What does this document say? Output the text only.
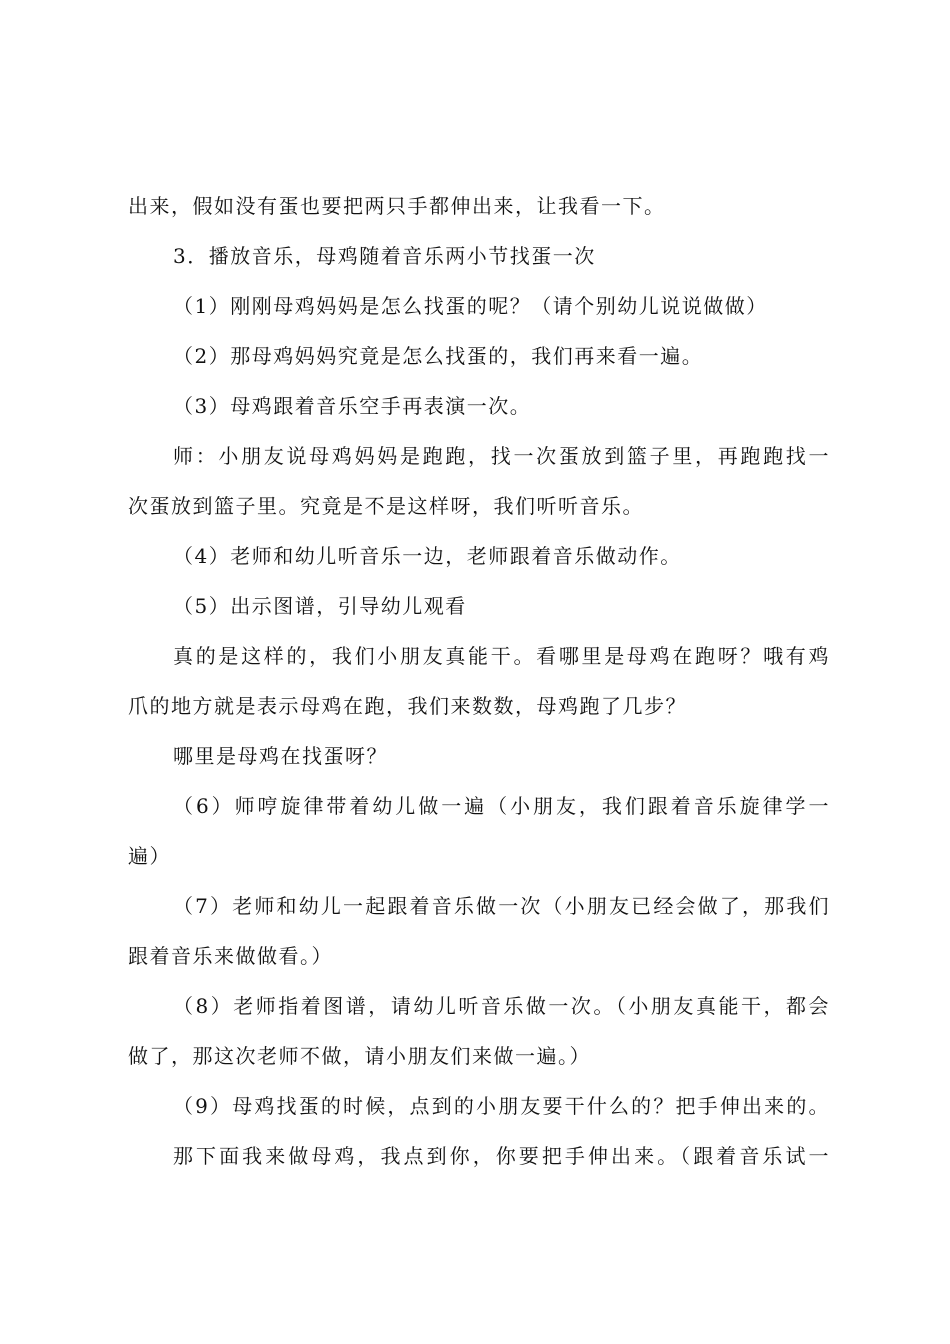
出来，假如没有蛋也要把两只手都伸出来，让我看一下。
3．播放音乐，母鸡随着音乐两小节找蛋一次
（1）刚刚母鸡妈妈是怎么找蛋的呢？（请个别幼儿说说做做）
（2）那母鸡妈妈究竟是怎么找蛋的，我们再来看一遍。
（3）母鸡跟着音乐空手再表演一次。
师：小朋友说母鸡妈妈是跑跑，找一次蛋放到篮子里，再跑跑找一
次蛋放到篮子里。究竟是不是这样呀，我们听听音乐。
（4）老师和幼儿听音乐一边，老师跟着音乐做动作。
（5）出示图谱，引导幼儿观看
真的是这样的，我们小朋友真能干。看哪里是母鸡在跑呀？哦有鸡
爪的地方就是表示母鸡在跑，我们来数数，母鸡跑了几步？
哪里是母鸡在找蛋呀？
（6）师哼旋律带着幼儿做一遍（小朋友，我们跟着音乐旋律学一
遍）
（7）老师和幼儿一起跟着音乐做一次（小朋友已经会做了，那我们
跟着音乐来做做看。）
（8）老师指着图谱，请幼儿听音乐做一次。（小朋友真能干，都会
做了，那这次老师不做，请小朋友们来做一遍。）
（9）母鸡找蛋的时候，点到的小朋友要干什么的？把手伸出来的。
那下面我来做母鸡，我点到你，你要把手伸出来。（跟着音乐试一
